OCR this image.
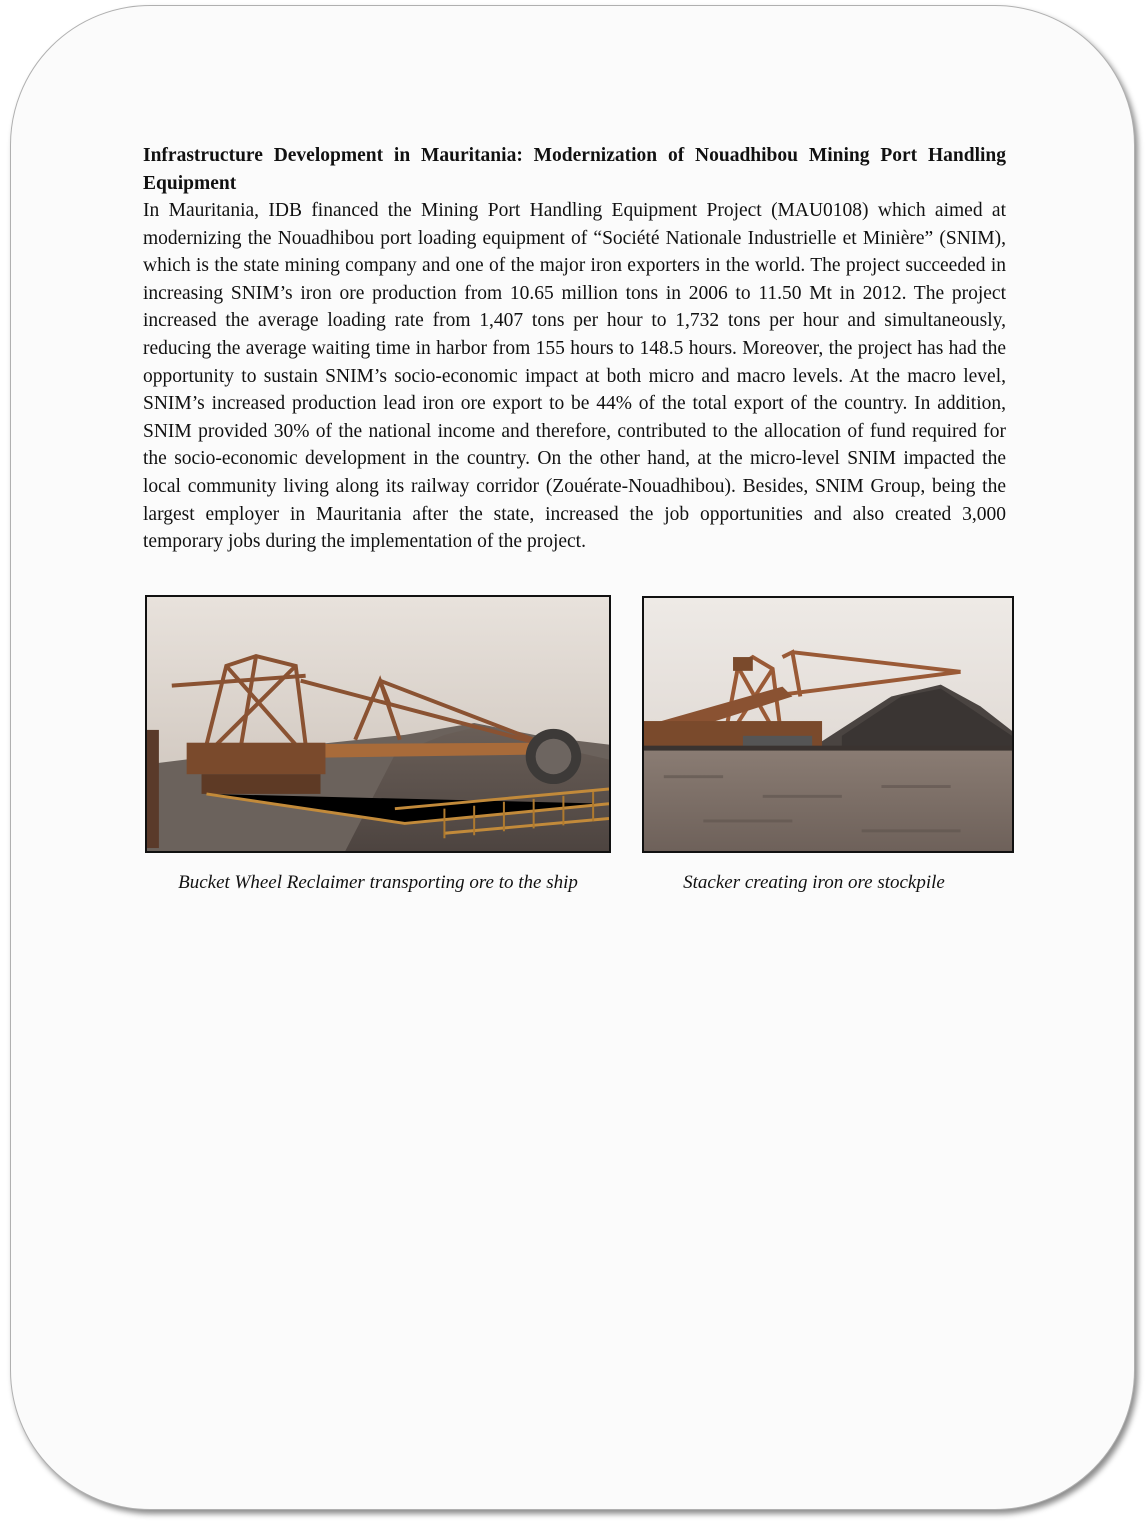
Infrastructure Development in Mauritania: Modernization of Nouadhibou Mining Port Handling Equipment

In Mauritania, IDB financed the Mining Port Handling Equipment Project (MAU0108) which aimed at modernizing the Nouadhibou port loading equipment of “Société Nationale Industrielle et Minière” (SNIM), which is the state mining company and one of the major iron exporters in the world. The project succeeded in increasing SNIM’s iron ore production from 10.65 million tons in 2006 to 11.50 Mt in 2012. The project increased the average loading rate from 1,407 tons per hour to 1,732 tons per hour and simultaneously, reducing the average waiting time in harbor from 155 hours to 148.5 hours. Moreover, the project has had the opportunity to sustain SNIM’s socio-economic impact at both micro and macro levels. At the macro level, SNIM’s increased production lead iron ore export to be 44% of the total export of the country. In addition, SNIM provided 30% of the national income and therefore, contributed to the allocation of fund required for the socio-economic development in the country. On the other hand, at the micro-level SNIM impacted the local community living along its railway corridor (Zouérate-Nouadhibou). Besides, SNIM Group, being the largest employer in Mauritania after the state, increased the job opportunities and also created 3,000 temporary jobs during the implementation of the project.

Bucket Wheel Reclaimer transporting ore to the ship	Stacker creating iron ore stockpile
